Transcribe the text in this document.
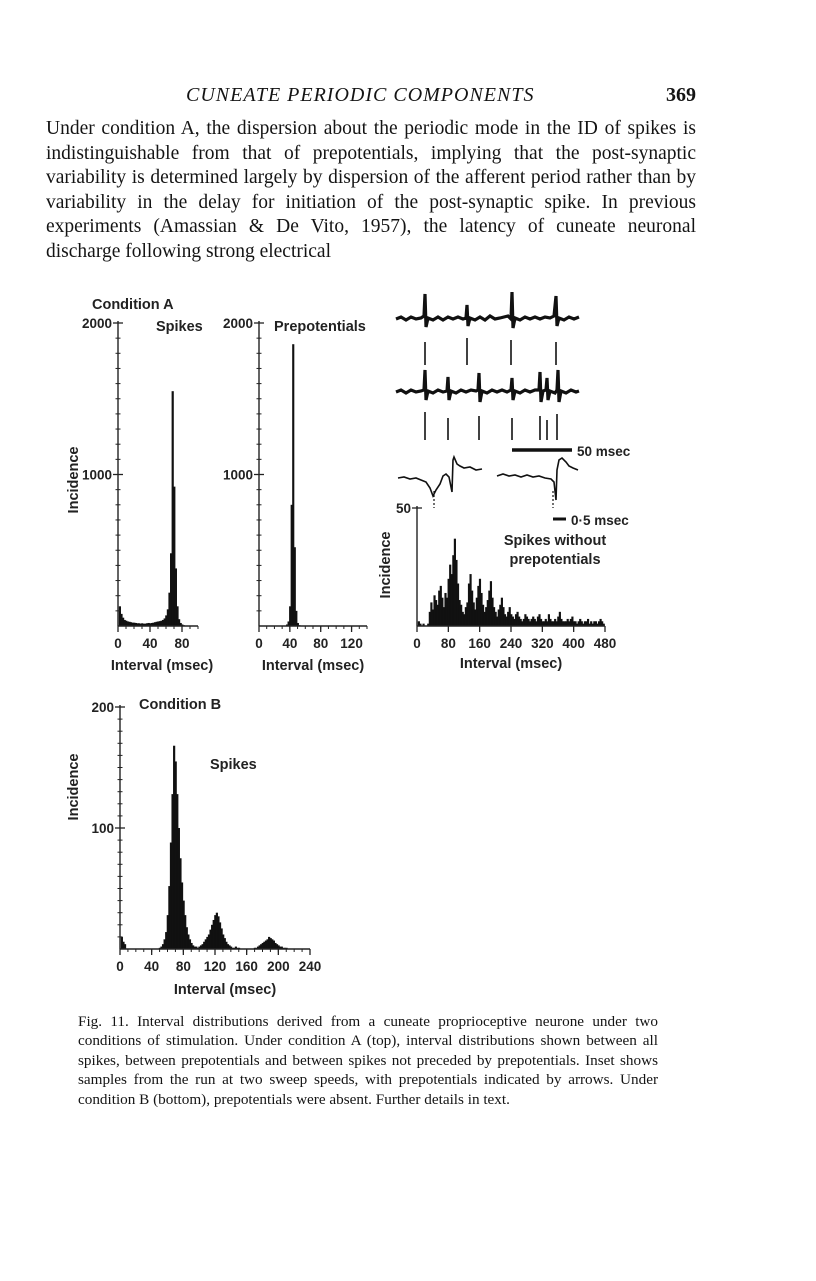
CUNEATE PERIODIC COMPONENTS	369
Under condition A, the dispersion about the periodic mode in the ID of spikes is indistinguishable from that of prepotentials, implying that the post-synaptic variability is determined largely by dispersion of the afferent period rather than by variability in the delay for initiation of the post-synaptic spike. In previous experiments (Amassian & De Vito, 1957), the latency of cuneate neuronal discharge following strong electrical
1000
2000
0 40 80
Spikes
1000
2000
0 40 80 120
Prepotentials
50
0 80 160 240 320 400 480
Spikes without
prepotentials
100
200
0 40 80 120 160 200 240
Spikes
Condition A
Condition B
Incidence
Incidence
Incidence
Interval (msec)	Interval (msec)	Interval (msec)
Interval (msec)
50 msec
0·5 msec
Fig. 11. Interval distributions derived from a cuneate proprioceptive neurone under two conditions of stimulation. Under condition A (top), interval distributions shown between all spikes, between prepotentials and between spikes not preceded by prepotentials. Inset shows samples from the run at two sweep speeds, with prepotentials indicated by arrows. Under condition B (bottom), prepotentials were absent. Further details in text.
